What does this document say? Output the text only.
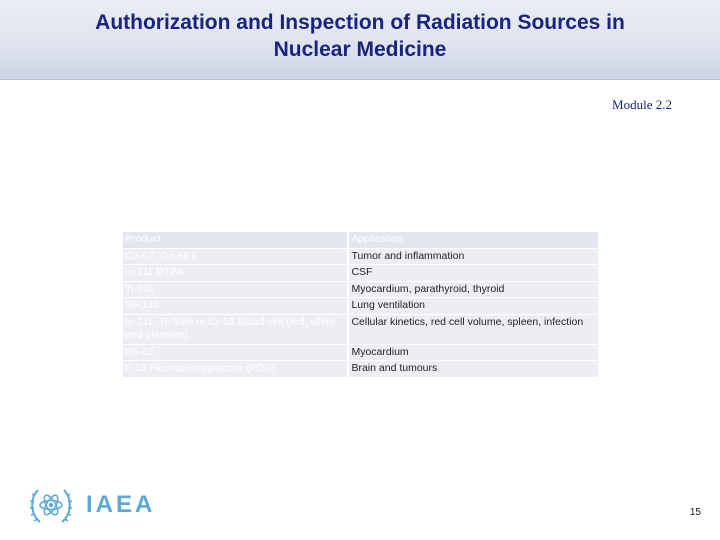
Authorization and Inspection of Radiation Sources in
Nuclear Medicine
Module 2.2
Product	Application
Ga-67, Ga-68 (	Tumor and inflammation
In-111 DTPA	CSF
Tl-201	Myocardium, parathyroid, thyroid
Xe-133	Lung ventilation
In-111, Tc-99m or Cr-51 Blood cell (red, white and platelets)	Cellular kinetics, red cell volume, spleen, infection
Rb-82	Myocardium
F-18 Fluorodeoxyglucose (FDG)	Brain and tumours
IAEA	15
